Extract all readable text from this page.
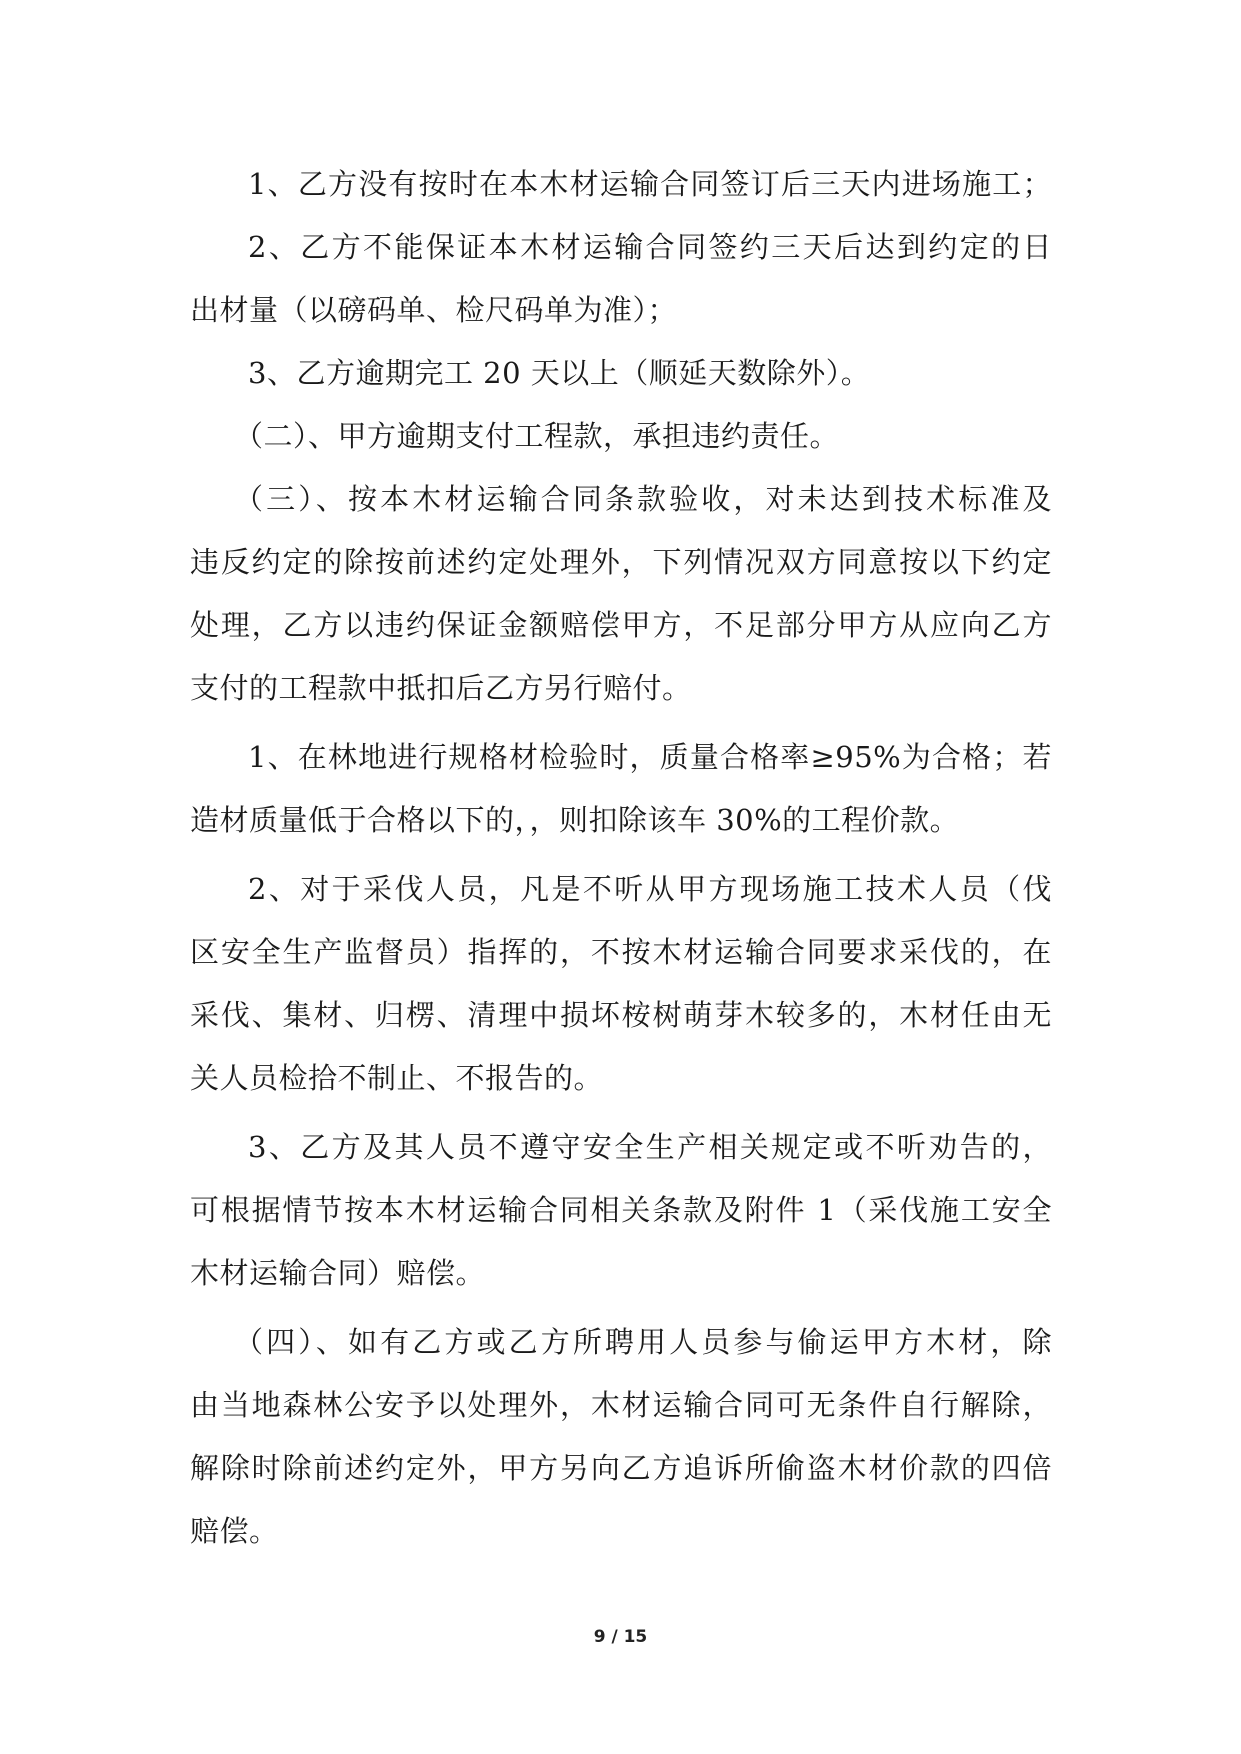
1、乙方没有按时在本木材运输合同签订后三天内进场施工；
2、乙方不能保证本木材运输合同签约三天后达到约定的日
出材量（以磅码单、检尺码单为准）；
3、乙方逾期完工 20 天以上（顺延天数除外）。
（二）、甲方逾期支付工程款，承担违约责任。
（三）、按本木材运输合同条款验收，对未达到技术标准及
违反约定的除按前述约定处理外，下列情况双方同意按以下约定
处理，乙方以违约保证金额赔偿甲方，不足部分甲方从应向乙方
支付的工程款中抵扣后乙方另行赔付。
1、在林地进行规格材检验时，质量合格率≥95%为合格；若
造材质量低于合格以下的，，则扣除该车 30%的工程价款。
2、对于采伐人员，凡是不听从甲方现场施工技术人员（伐
区安全生产监督员）指挥的，不按木材运输合同要求采伐的，在
采伐、集材、归楞、清理中损坏桉树萌芽木较多的，木材任由无
关人员检拾不制止、不报告的。
3、乙方及其人员不遵守安全生产相关规定或不听劝告的，
可根据情节按本木材运输合同相关条款及附件 1（采伐施工安全
木材运输合同）赔偿。
（四）、如有乙方或乙方所聘用人员参与偷运甲方木材，除
由当地森林公安予以处理外，木材运输合同可无条件自行解除，
解除时除前述约定外，甲方另向乙方追诉所偷盗木材价款的四倍
赔偿。
9 / 15
